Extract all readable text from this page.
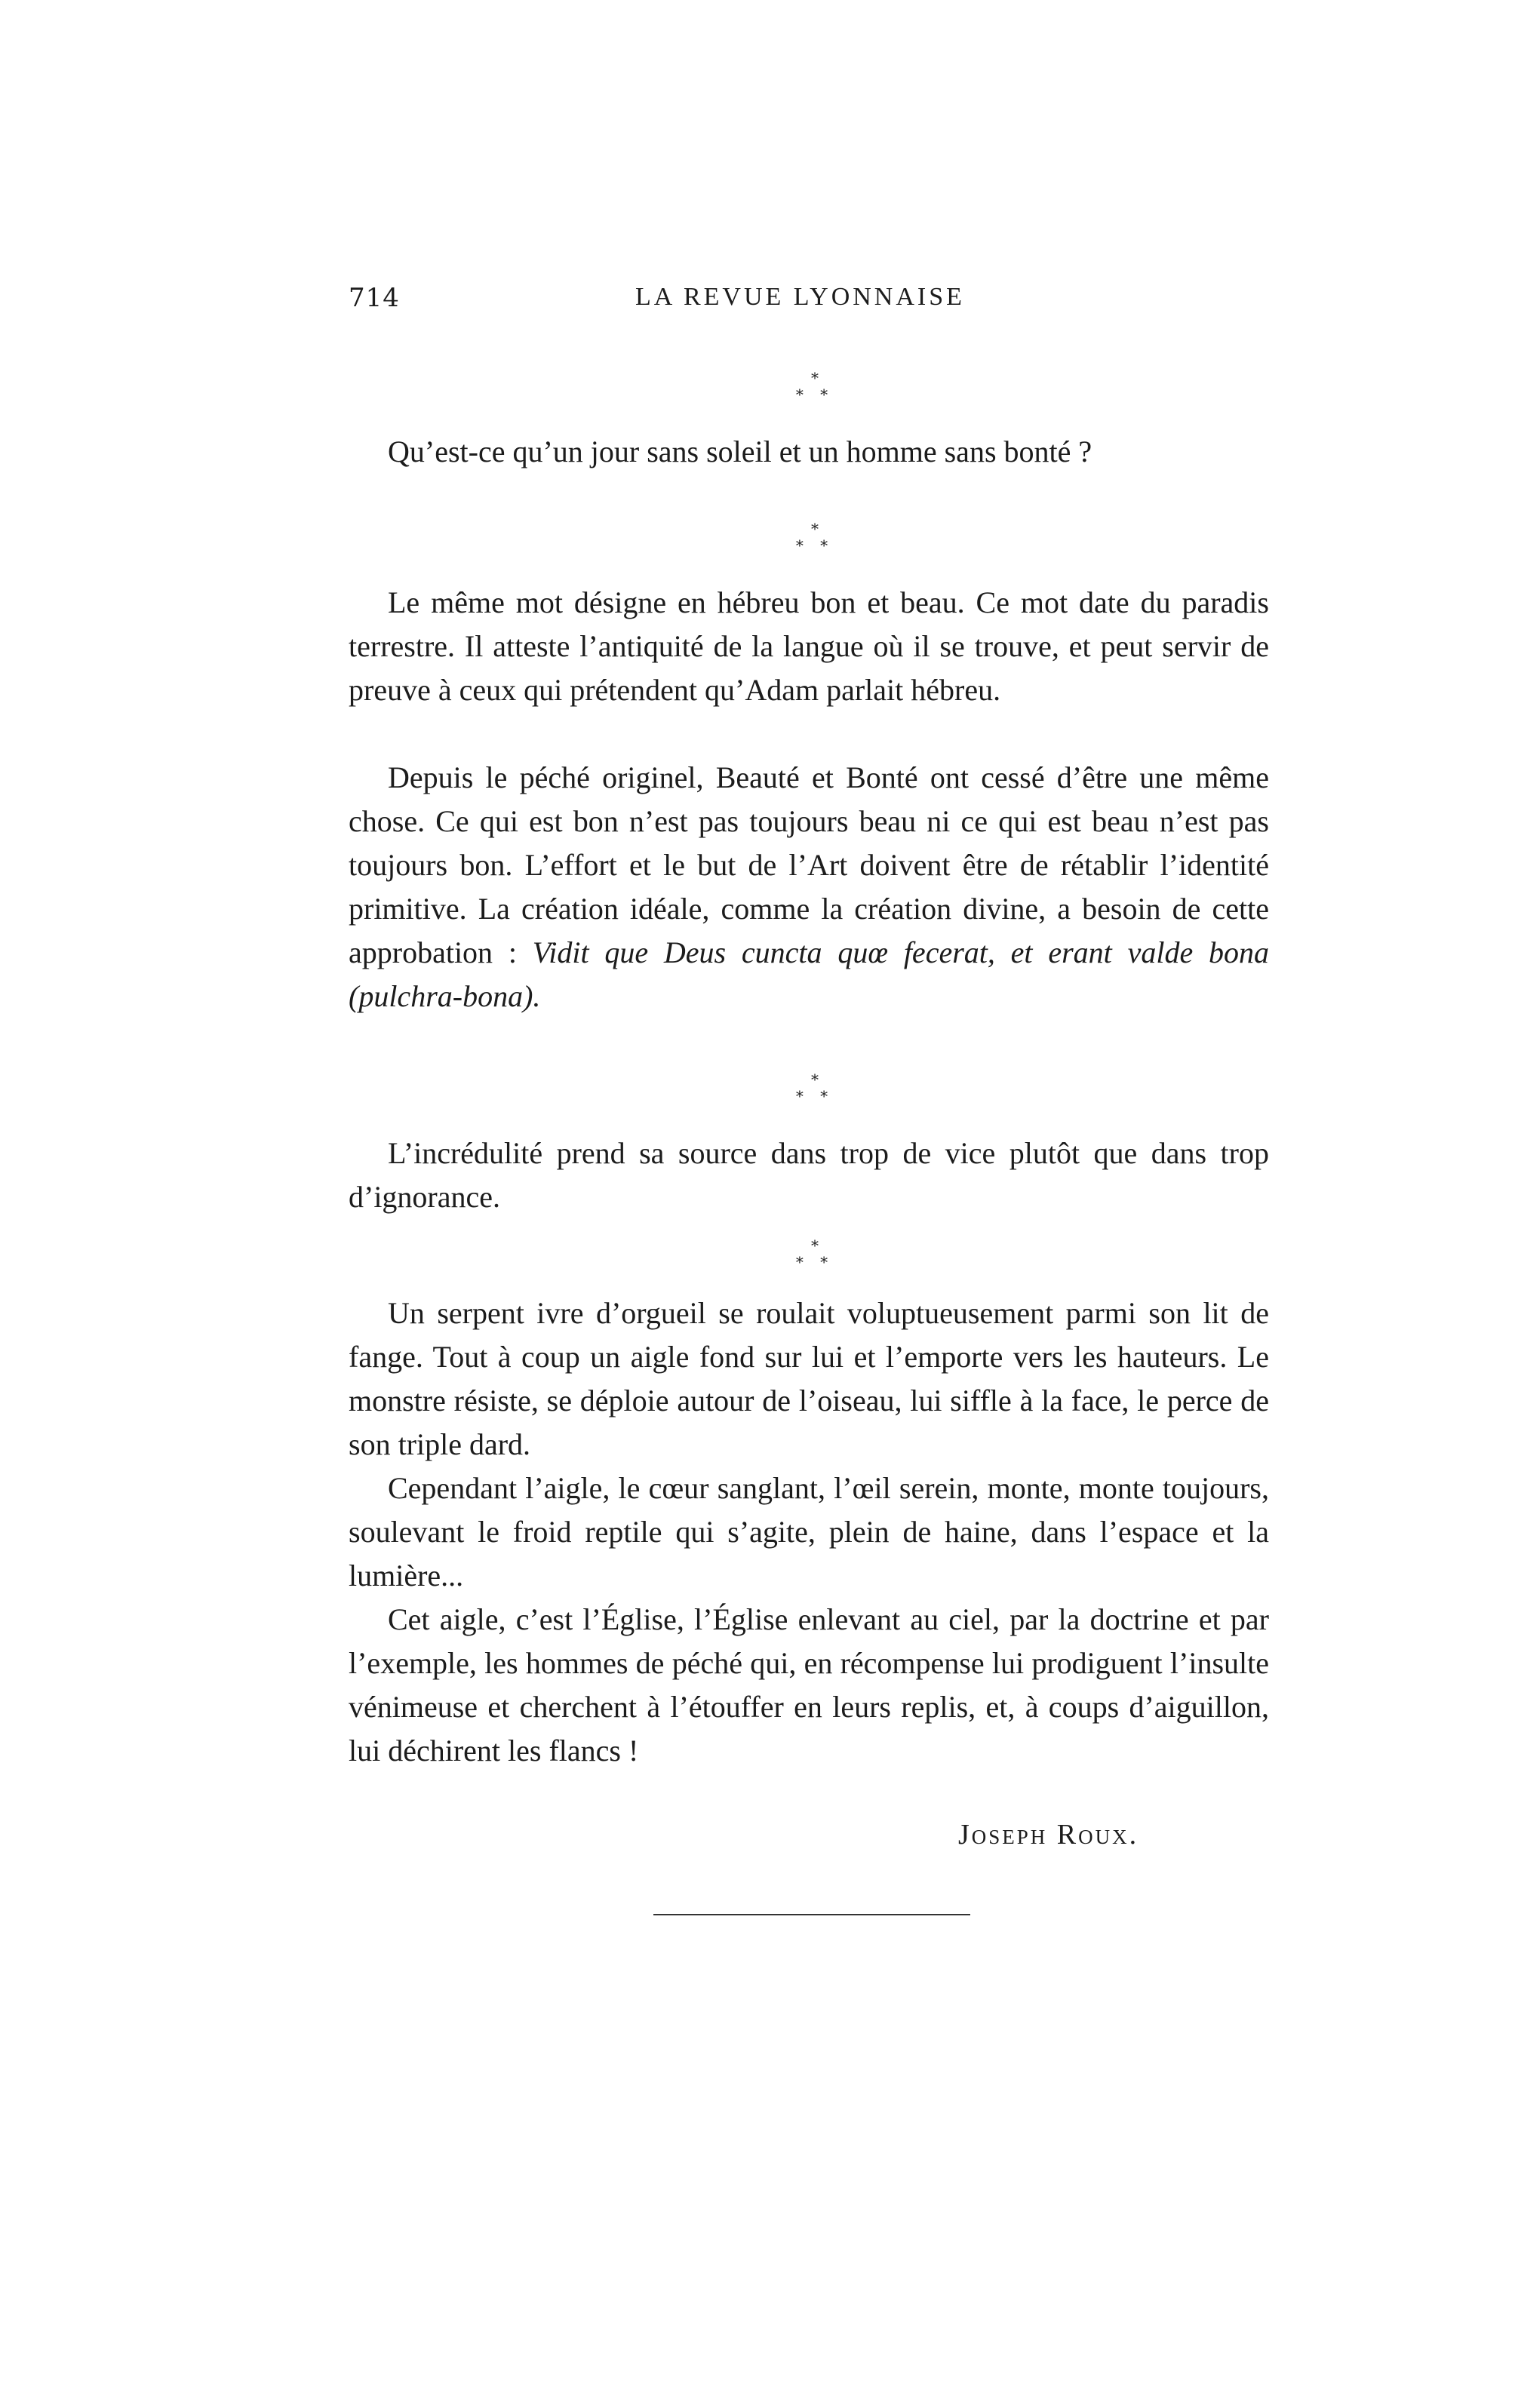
714	LA REVUE LYONNAISE
*
* *

Qu’est-ce qu’un jour sans soleil et un homme sans bonté ?

*
* *

Le même mot désigne en hébreu bon et beau. Ce mot date du paradis terrestre. Il atteste l’antiquité de la langue où il se trouve, et peut servir de preuve à ceux qui prétendent qu’Adam parlait hébreu.

Depuis le péché originel, Beauté et Bonté ont cessé d’être une même chose. Ce qui est bon n’est pas toujours beau ni ce qui est beau n’est pas toujours bon. L’effort et le but de l’Art doivent être de rétablir l’identité primitive. La création idéale, comme la création divine, a besoin de cette approbation : Vidit que Deus cuncta quœ fecerat, et erant valde bona (pulchra-bona).

*
* *

L’incrédulité prend sa source dans trop de vice plutôt que dans trop d’ignorance.

*
* *

Un serpent ivre d’orgueil se roulait voluptueusement parmi son lit de fange. Tout à coup un aigle fond sur lui et l’emporte vers les hauteurs. Le monstre résiste, se déploie autour de l’oiseau, lui siffle à la face, le perce de son triple dard.

Cependant l’aigle, le cœur sanglant, l’œil serein, monte, monte toujours, soulevant le froid reptile qui s’agite, plein de haine, dans l’espace et la lumière...

Cet aigle, c’est l’Église, l’Église enlevant au ciel, par la doctrine et par l’exemple, les hommes de péché qui, en récompense lui prodiguent l’insulte vénimeuse et cherchent à l’étouffer en leurs replis, et, à coups d’aiguillon, lui déchirent les flancs !

Joseph Roux.
